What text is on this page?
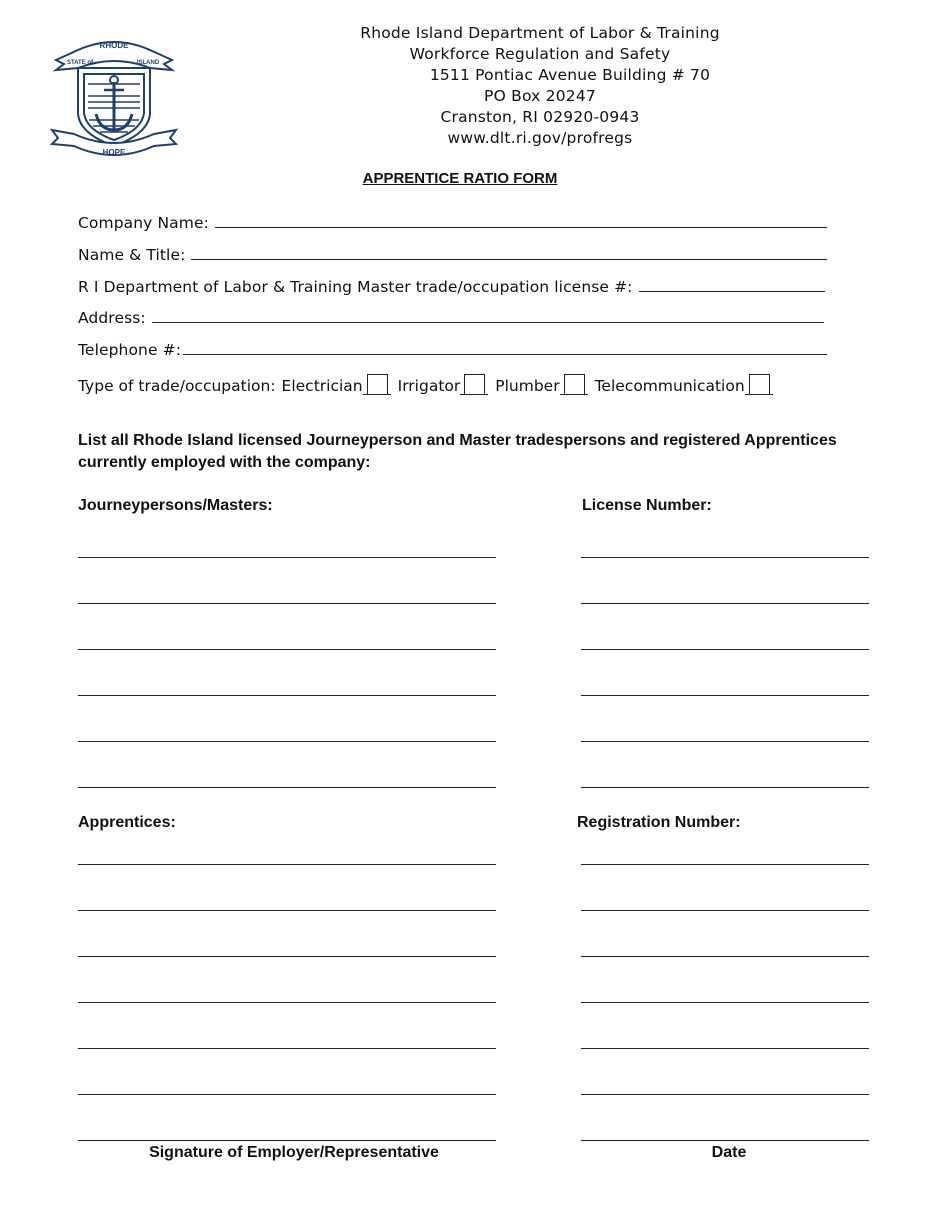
RHODE
STATE of	ISLAND
HOPE
Rhode Island Department of Labor & Training
Workforce Regulation and Safety
1511 Pontiac Avenue Building # 70
PO Box 20247
Cranston, RI 02920-0943
www.dlt.ri.gov/profregs
APPRENTICE RATIO FORM
Company Name:
Name & Title:
R I Department of Labor & Training Master trade/occupation license #:
Address:
Telephone #:
Type of trade/occupation: Electrician Irrigator Plumber Telecommunication
List all Rhode Island licensed Journeyperson and Master tradespersons and registered Apprentices currently employed with the company:
Journeypersons/Masters:	License Number:
Apprentices:	Registration Number:
Signature of Employer/Representative	Date
